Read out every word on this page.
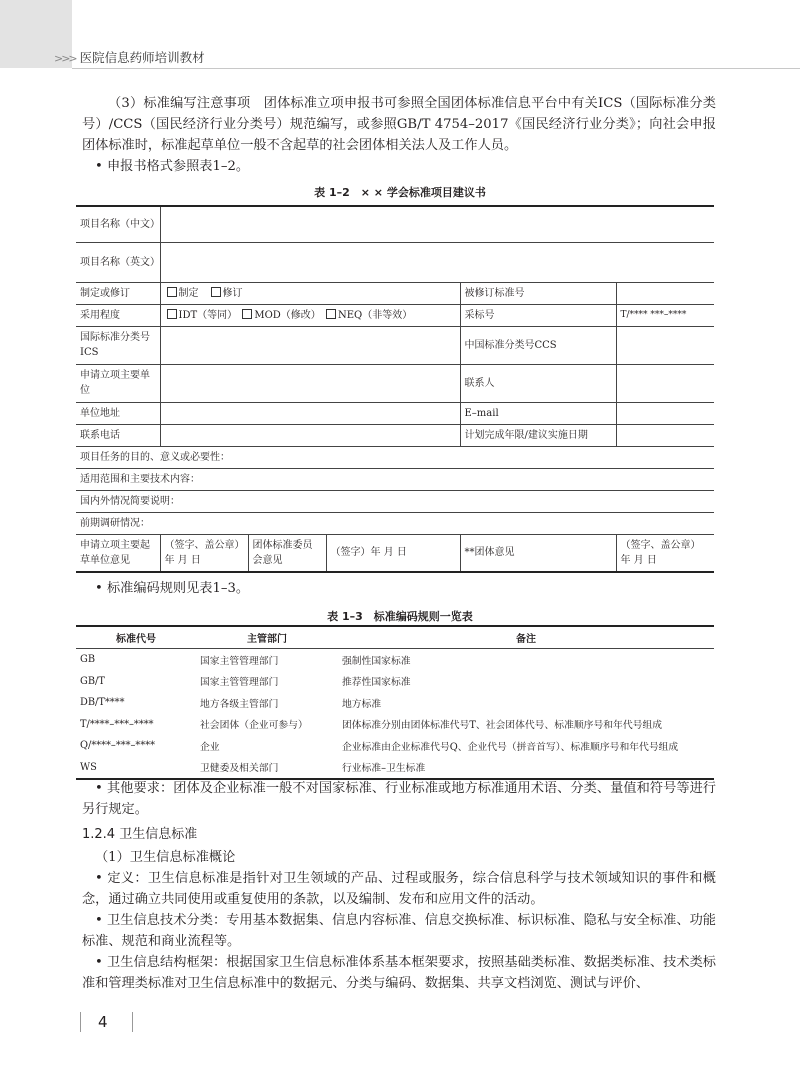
>>> 医院信息药师培训教材

（3）标准编写注意事项　团体标准立项申报书可参照全国团体标准信息平台中有关ICS（国际标准分类号）/CCS（国民经济行业分类号）规范编写，或参照GB/T 4754–2017《国民经济行业分类》；向社会申报团体标准时，标准起草单位一般不含起草的社会团体相关法人及工作人员。

• 申报书格式参照表1–2。

表 1–2　× × 学会标准项目建议书
项目名称（中文）					
项目名称（英文）					
制定或修订	制定　 修订			被修订标准号	
采用程度	IDT（等同） MOD（修改） NEQ（非等效）			采标号	T/**** ***–****
国际标准分类号ICS				中国标准分类号CCS	
申请立项主要单位				联系人	
单位地址				E–mail	
联系电话				计划完成年限/建议实施日期	
项目任务的目的、意义或必要性：					
适用范围和主要技术内容：					
国内外情况简要说明：					
前期调研情况：					
申请立项主要起草单位意见	（签字、盖公章）年 月 日	团体标准委员会意见	（签字）年 月 日	**团体意见	（签字、盖公章）年 月 日

• 标准编码规则见表1–3。

表 1–3　标准编码规则一览表
标准代号	主管部门	备注
GB	国家主管管理部门	强制性国家标准
GB/T	国家主管管理部门	推荐性国家标准
DB/T****	地方各级主管部门	地方标准
T/****–***–****	社会团体（企业可参与）	团体标准分别由团体标准代号T、社会团体代号、标准顺序号和年代号组成
Q/****–***–****	企业	企业标准由企业标准代号Q、企业代号（拼音首写）、标准顺序号和年代号组成
WS	卫健委及相关部门	行业标准–卫生标准

• 其他要求：团体及企业标准一般不对国家标准、行业标准或地方标准通用术语、分类、量值和符号等进行另行规定。

1.2.4 卫生信息标准

（1）卫生信息标准概论

• 定义：卫生信息标准是指针对卫生领域的产品、过程或服务，综合信息科学与技术领域知识的事件和概念，通过确立共同使用或重复使用的条款，以及编制、发布和应用文件的活动。

• 卫生信息技术分类：专用基本数据集、信息内容标准、信息交换标准、标识标准、隐私与安全标准、功能标准、规范和商业流程等。

• 卫生信息结构框架：根据国家卫生信息标准体系基本框架要求，按照基础类标准、数据类标准、技术类标准和管理类标准对卫生信息标准中的数据元、分类与编码、数据集、共享文档浏览、测试与评价、

4
